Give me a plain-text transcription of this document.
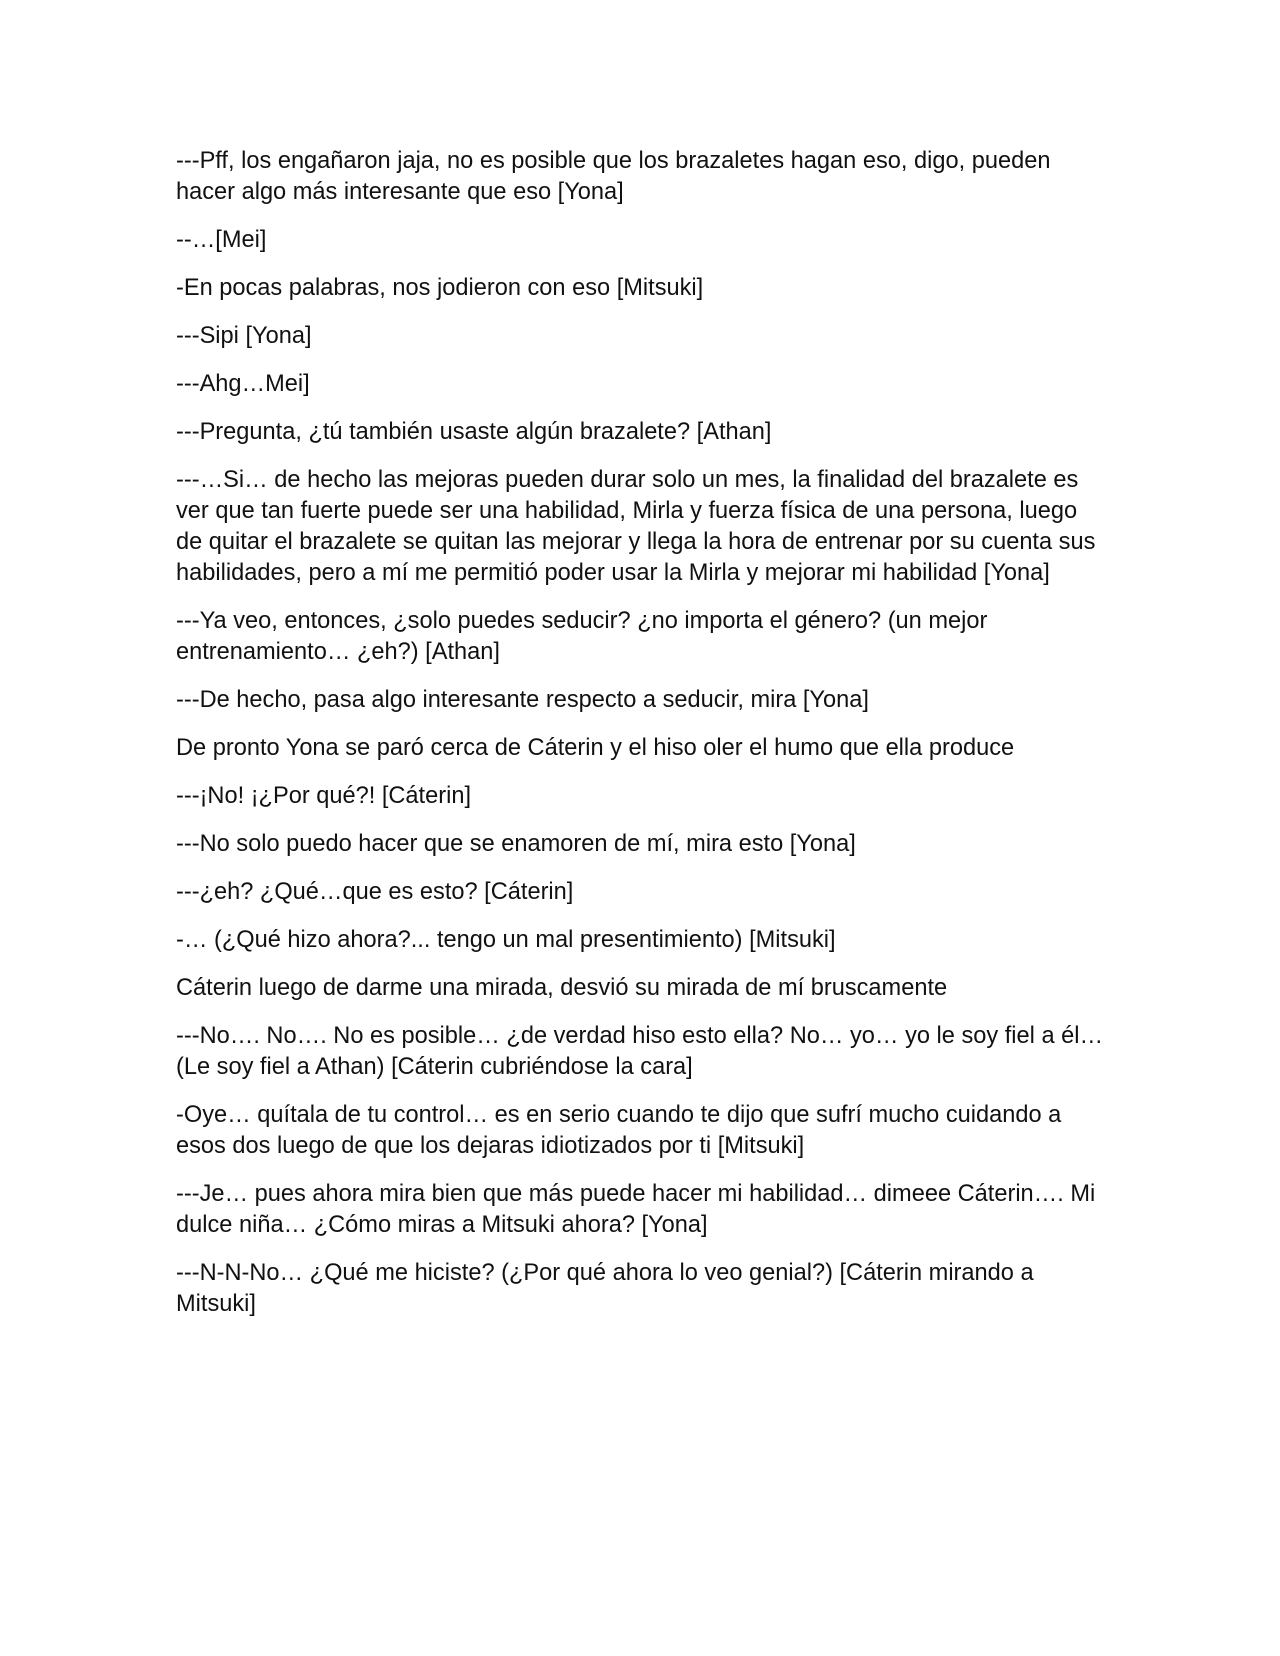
---Pff, los engañaron jaja, no es posible que los brazaletes hagan eso, digo, pueden hacer algo más interesante que eso [Yona]

--…[Mei]

-En pocas palabras, nos jodieron con eso [Mitsuki]

---Sipi [Yona]

---Ahg…Mei]

---Pregunta, ¿tú también usaste algún brazalete? [Athan]

---…Si… de hecho las mejoras pueden durar solo un mes, la finalidad del brazalete es ver que tan fuerte puede ser una habilidad, Mirla y fuerza física de una persona, luego de quitar el brazalete se quitan las mejorar y llega la hora de entrenar por su cuenta sus habilidades, pero a mí me permitió poder usar la Mirla y mejorar mi habilidad [Yona]

---Ya veo, entonces, ¿solo puedes seducir? ¿no importa el género? (un mejor entrenamiento… ¿eh?) [Athan]

---De hecho, pasa algo interesante respecto a seducir, mira [Yona]

De pronto Yona se paró cerca de Cáterin y el hiso oler el humo que ella produce

---¡No! ¡¿Por qué?! [Cáterin]

---No solo puedo hacer que se enamoren de mí, mira esto [Yona]

---¿eh? ¿Qué…que es esto? [Cáterin]

-… (¿Qué hizo ahora?... tengo un mal presentimiento) [Mitsuki]

Cáterin luego de darme una mirada, desvió su mirada de mí bruscamente

---No…. No…. No es posible… ¿de verdad hiso esto ella? No… yo… yo le soy fiel a él… (Le soy fiel a Athan) [Cáterin cubriéndose la cara]

-Oye… quítala de tu control… es en serio cuando te dijo que sufrí mucho cuidando a esos dos luego de que los dejaras idiotizados por ti [Mitsuki]

---Je… pues ahora mira bien que más puede hacer mi habilidad… dimeee Cáterin…. Mi dulce niña… ¿Cómo miras a Mitsuki ahora? [Yona]

---N-N-No… ¿Qué me hiciste? (¿Por qué ahora lo veo genial?) [Cáterin mirando a Mitsuki]
